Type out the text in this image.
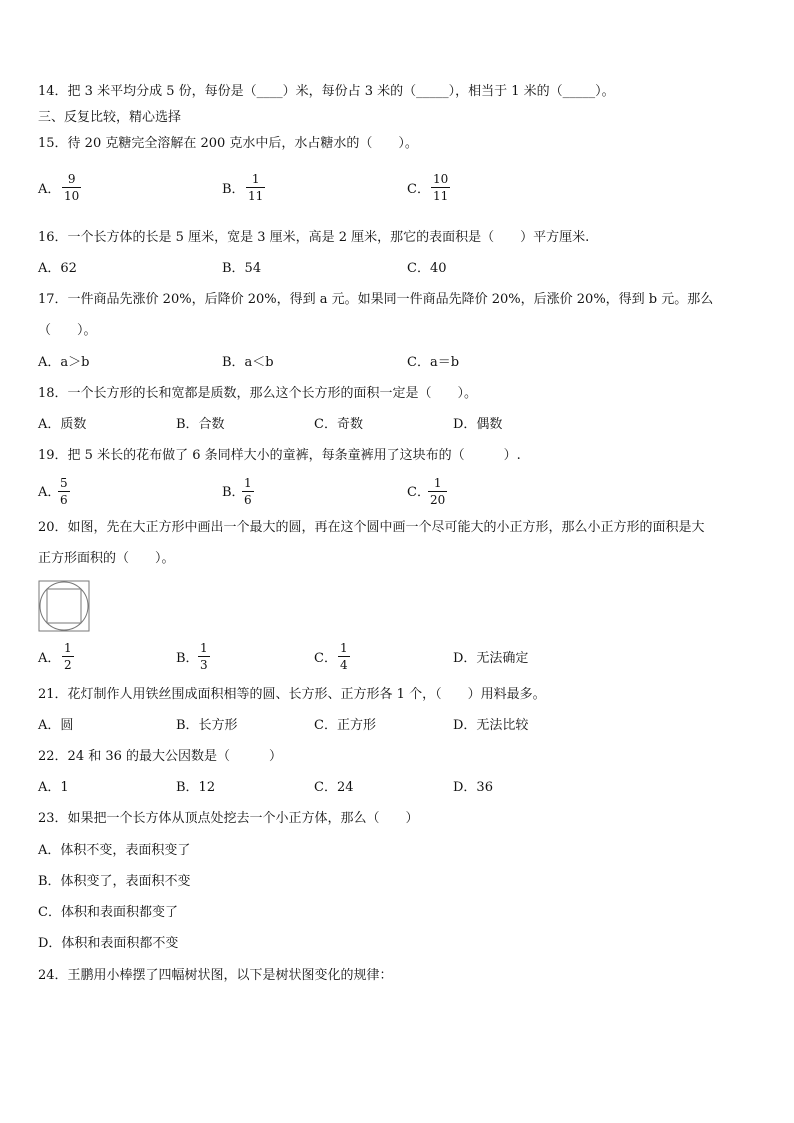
14．把 3 米平均分成 5 份，每份是（____）米，每份占 3 米的（_____），相当于 1 米的（_____）。
三、反复比较，精心选择
15．待 20 克糖完全溶解在 200 克水中后，水占糖水的（　　）。
A．
9
10	B．
1
11	C．
10
11
16．一个长方体的长是 5 厘米，宽是 3 厘米，高是 2 厘米，那它的表面积是（　　）平方厘米.
A．62	B．54	C．40
17．一件商品先涨价 20%，后降价 20%，得到 a 元。如果同一件商品先降价 20%，后涨价 20%，得到 b 元。那么
（　　）。
A．a＞b	B．a＜b	C．a＝b
18．一个长方形的长和宽都是质数，那么这个长方形的面积一定是（　　）。
A．质数	B．合数	C．奇数	D．偶数
19．把 5 米长的花布做了 6 条同样大小的童裤，每条童裤用了这块布的（　　　）.
A．
5
6	B．
1
6	C．
1
20
20．如图，先在大正方形中画出一个最大的圆，再在这个圆中画一个尽可能大的小正方形，那么小正方形的面积是大
正方形面积的（　　）。
A．
1
2	B．
1
3	C．
1
4	D．无法确定
21．花灯制作人用铁丝围成面积相等的圆、长方形、正方形各 1 个，（　　）用料最多。
A．圆	B．长方形	C．正方形	D．无法比较
22．24 和 36 的最大公因数是（　　　）
A．1	B．12	C．24	D．36
23．如果把一个长方体从顶点处挖去一个小正方体，那么（　　）
A．体积不变，表面积变了
B．体积变了，表面积不变
C．体积和表面积都变了
D．体积和表面积都不变
24．王鹏用小棒摆了四幅树状图，以下是树状图变化的规律：
